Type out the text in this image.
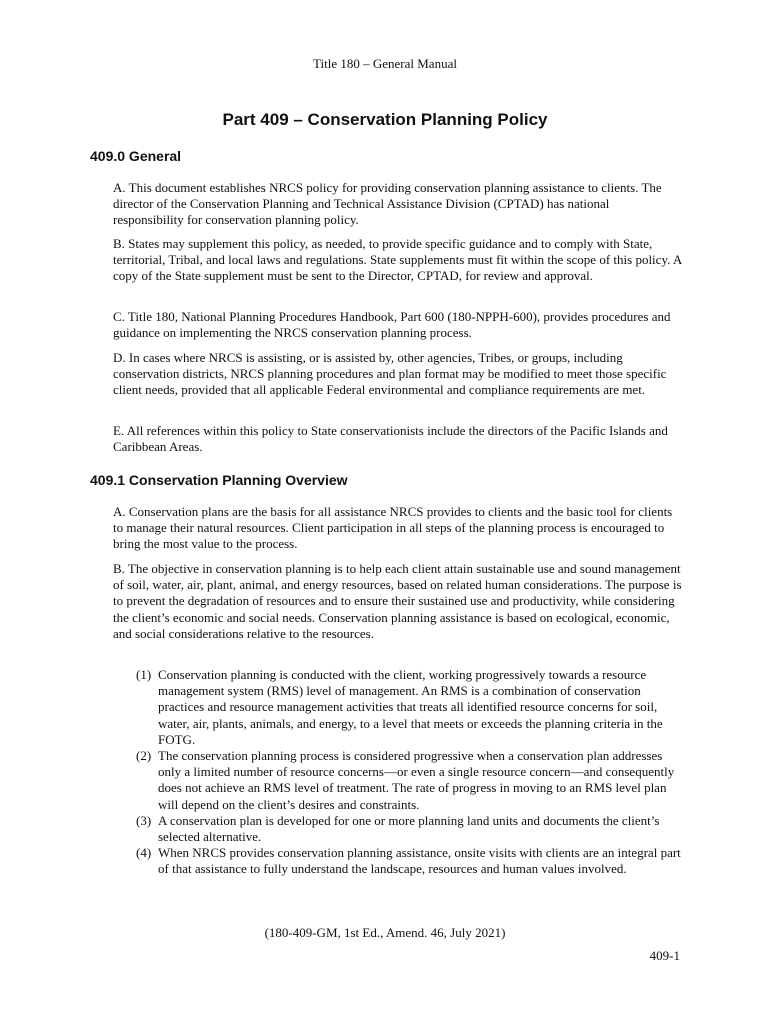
Title 180 – General Manual
Part 409 – Conservation Planning Policy
409.0 General

A. This document establishes NRCS policy for providing conservation planning assistance to clients. The director of the Conservation Planning and Technical Assistance Division (CPTAD) has national responsibility for conservation planning policy.

B. States may supplement this policy, as needed, to provide specific guidance and to comply with State, territorial, Tribal, and local laws and regulations. State supplements must fit within the scope of this policy. A copy of the State supplement must be sent to the Director, CPTAD, for review and approval.

C. Title 180, National Planning Procedures Handbook, Part 600 (180-NPPH-600), provides procedures and guidance on implementing the NRCS conservation planning process.

D. In cases where NRCS is assisting, or is assisted by, other agencies, Tribes, or groups, including conservation districts, NRCS planning procedures and plan format may be modified to meet those specific client needs, provided that all applicable Federal environmental and compliance requirements are met.

E. All references within this policy to State conservationists include the directors of the Pacific Islands and Caribbean Areas.

409.1 Conservation Planning Overview

A. Conservation plans are the basis for all assistance NRCS provides to clients and the basic tool for clients to manage their natural resources. Client participation in all steps of the planning process is encouraged to bring the most value to the process.

B. The objective in conservation planning is to help each client attain sustainable use and sound management of soil, water, air, plant, animal, and energy resources, based on related human considerations. The purpose is to prevent the degradation of resources and to ensure their sustained use and productivity, while considering the client’s economic and social needs. Conservation planning assistance is based on ecological, economic, and social considerations relative to the resources.

(1) Conservation planning is conducted with the client, working progressively towards a resource management system (RMS) level of management. An RMS is a combination of conservation practices and resource management activities that treats all identified resource concerns for soil, water, air, plants, animals, and energy, to a level that meets or exceeds the planning criteria in the FOTG.
(2) The conservation planning process is considered progressive when a conservation plan addresses only a limited number of resource concerns—or even a single resource concern—and consequently does not achieve an RMS level of treatment. The rate of progress in moving to an RMS level plan will depend on the client’s desires and constraints.
(3) A conservation plan is developed for one or more planning land units and documents the client’s selected alternative.
(4) When NRCS provides conservation planning assistance, onsite visits with clients are an integral part of that assistance to fully understand the landscape, resources and human values involved.
(180-409-GM, 1st Ed., Amend. 46, July 2021)
409-1
